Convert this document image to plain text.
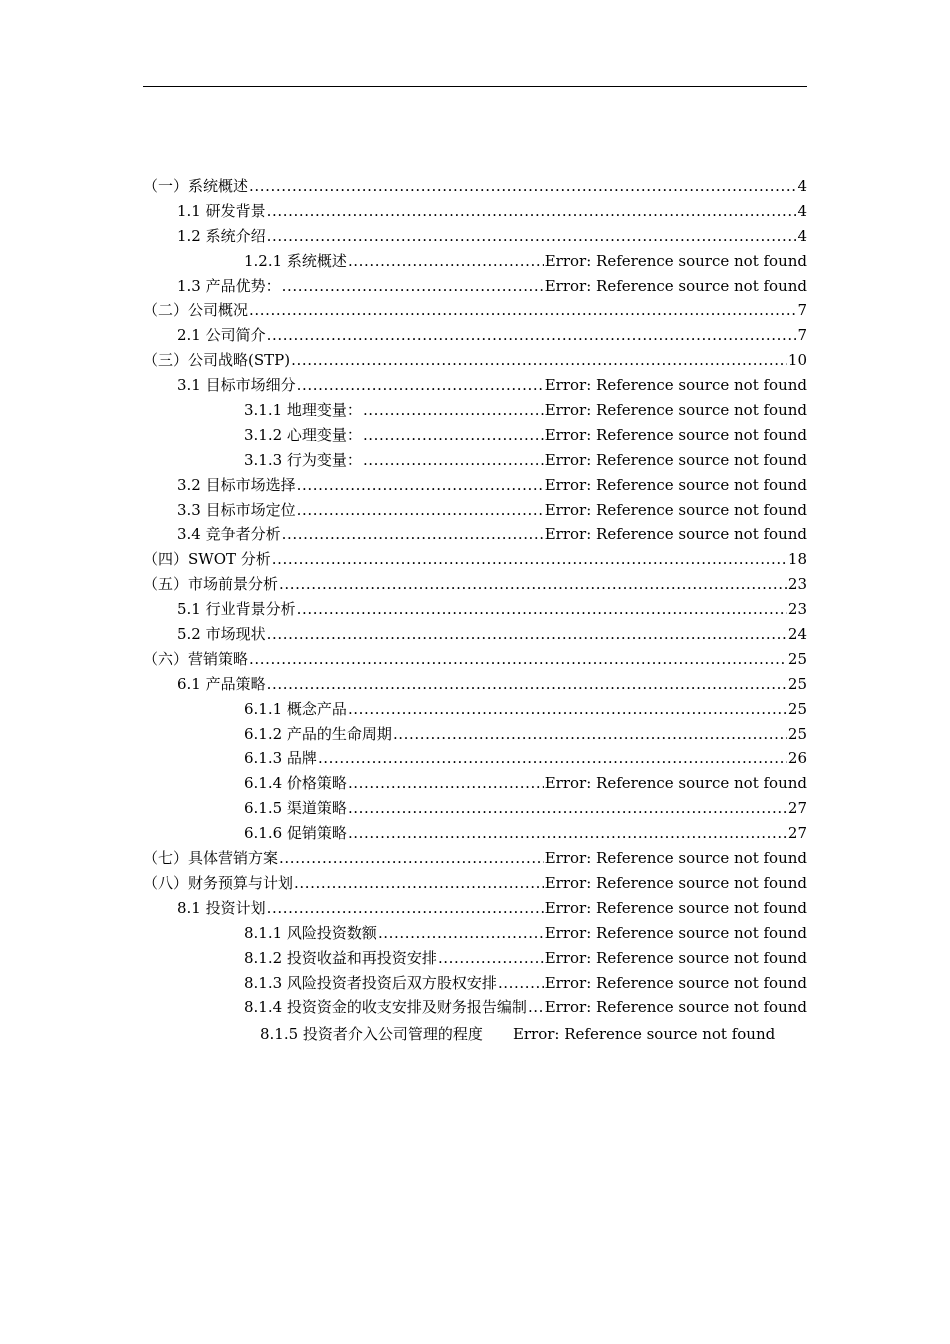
（一）系统概述 .....	4
1.1 研发背景 .....	4
1.2 系统介绍 .....	4
1.2.1 系统概述 .....	Error: Reference source not found
1.3 产品优势： .....	Error: Reference source not found
（二）公司概况 .....	7
2.1 公司简介 .....	7
（三）公司战略(STP) .....	10
3.1 目标市场细分 .....	Error: Reference source not found
3.1.1 地理变量： .....	Error: Reference source not found
3.1.2 心理变量： .....	Error: Reference source not found
3.1.3 行为变量： .....	Error: Reference source not found
3.2 目标市场选择 .....	Error: Reference source not found
3.3 目标市场定位 .....	Error: Reference source not found
3.4 竞争者分析 .....	Error: Reference source not found
（四）SWOT 分析 .....	18
（五）市场前景分析 .....	23
5.1 行业背景分析 .....	23
5.2 市场现状 .....	24
（六）营销策略 .....	25
6.1 产品策略 .....	25
6.1.1 概念产品 .....	25
6.1.2 产品的生命周期 .....	25
6.1.3 品牌 .....	26
6.1.4 价格策略 .....	Error: Reference source not found
6.1.5 渠道策略 .....	27
6.1.6 促销策略 .....	27
（七）具体营销方案 .....	Error: Reference source not found
（八）财务预算与计划 .....	Error: Reference source not found
8.1 投资计划 .....	Error: Reference source not found
8.1.1 风险投资数额 .....	Error: Reference source not found
8.1.2 投资收益和再投资安排 .....	Error: Reference source not found
8.1.3 风险投资者投资后双方股权安排 .....	Error: Reference source not found
8.1.4 投资资金的收支安排及财务报告编制 ..... Error: Reference source not found
8.1.5 投资者介入公司管理的程度 Error: Reference source not found
